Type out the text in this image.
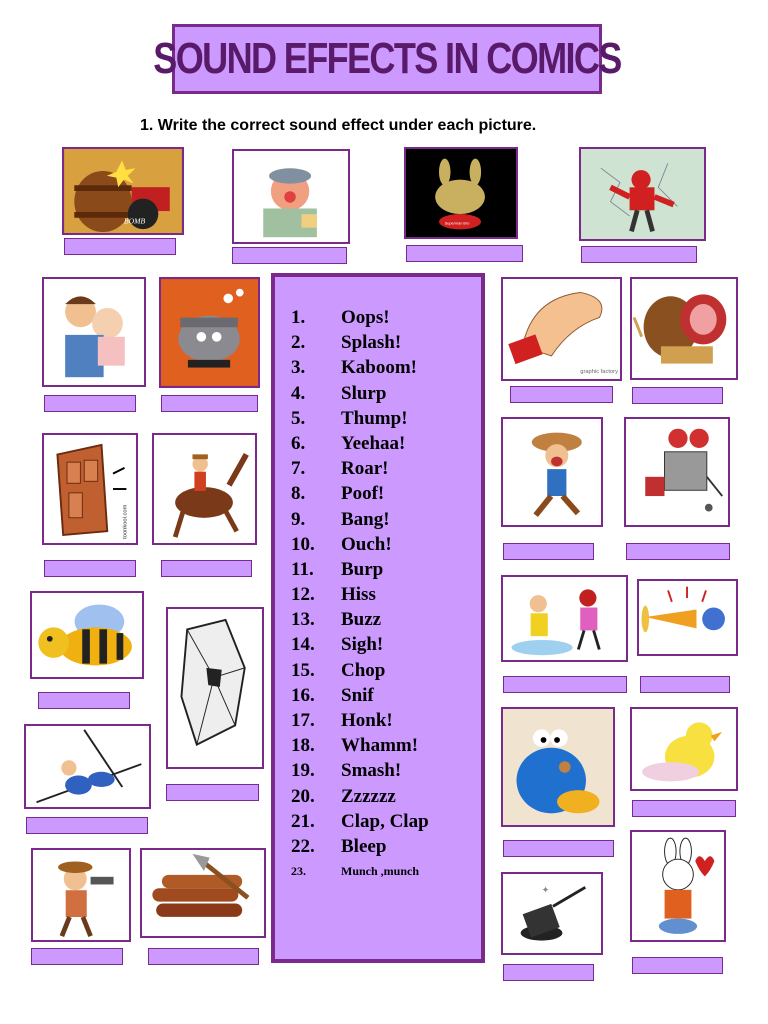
SOUND EFFECTS IN COMICS
1. Write the correct sound effect under each picture.
BOMB	Superman Bro
toonkool.com
1.	Oops!
2.	Splash!
3.	Kaboom!
4.	Slurp
5.	Thump!
6.	Yeehaa!
7.	Roar!
8.	Poof!
9.	Bang!
10.	Ouch!
11.	Burp
12.	Hiss
13.	Buzz
14.	Sigh!
15.	Chop
16.	Snif
17.	Honk!
18.	Whamm!
19.	Smash!
20.	Zzzzzz
21.	Clap, Clap
22.	Bleep
23.	Munch ,munch
graphic factory
✦
